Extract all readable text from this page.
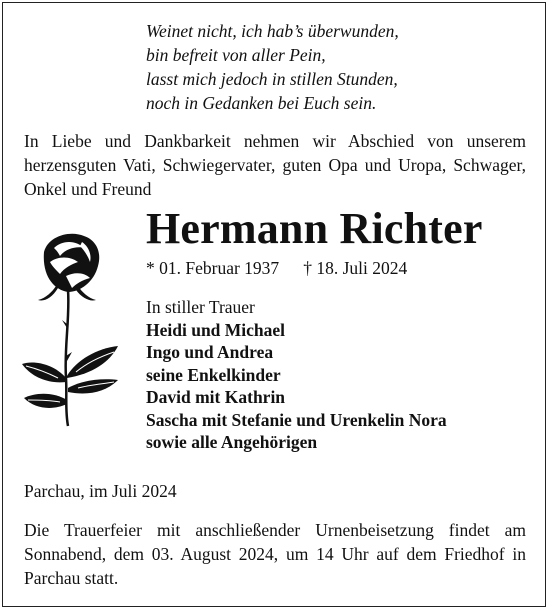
Weinet nicht, ich hab’s überwunden,
bin befreit von aller Pein,
lasst mich jedoch in stillen Stunden,
noch in Gedanken bei Euch sein.
In Liebe und Dankbarkeit nehmen wir Abschied von unserem herzensguten Vati, Schwiegervater, guten Opa und Uropa, Schwager, Onkel und Freund
Hermann Richter
* 01. Februar 1937 † 18. Juli 2024
In stiller Trauer
Heidi und Michael
Ingo und Andrea
seine Enkelkinder
David mit Kathrin
Sascha mit Stefanie und Urenkelin Nora
sowie alle Angehörigen
Parchau, im Juli 2024
Die Trauerfeier mit anschließender Urnenbeisetzung findet am Sonnabend, dem 03. August 2024, um 14 Uhr auf dem Friedhof in Parchau statt.
